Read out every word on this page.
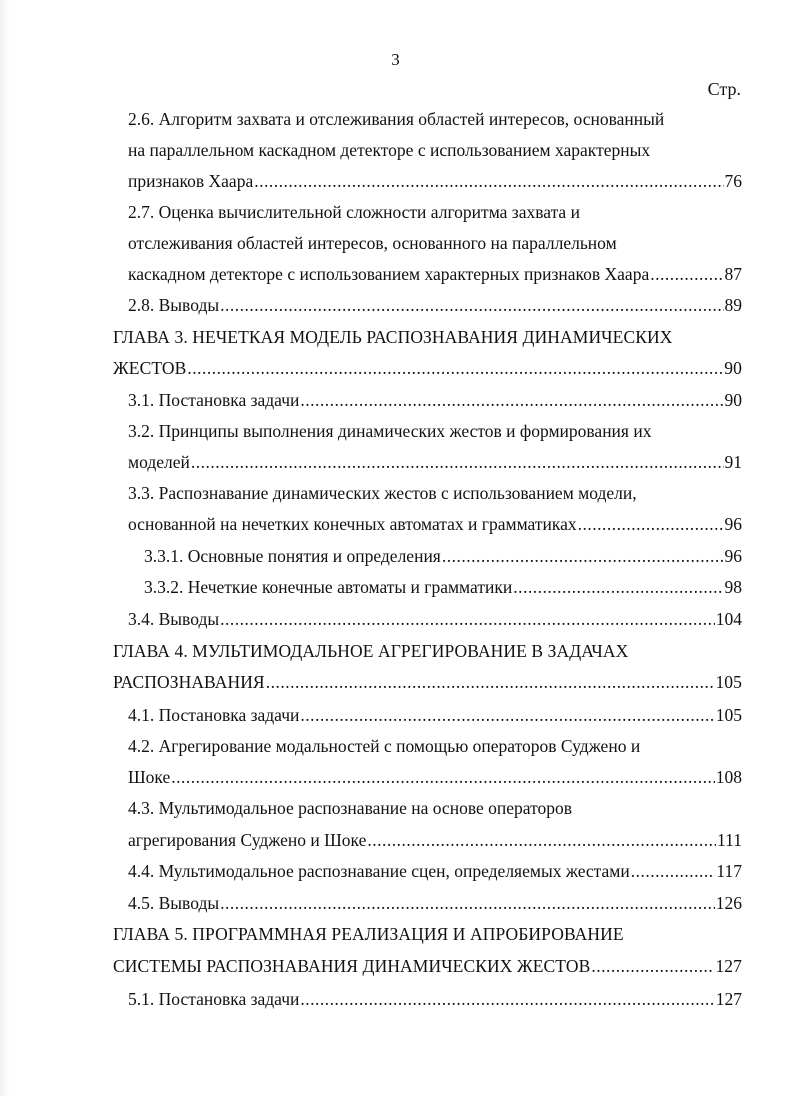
3
Стр.
2.6. Алгоритм захвата и отслеживания областей интересов, основанный
на параллельном каскадном детекторе с использованием характерных
признаков Хаара .....	76
2.7. Оценка вычислительной сложности алгоритма захвата и
отслеживания областей интересов, основанного на параллельном
каскадном детекторе с использованием характерных признаков Хаара .....	87
2.8. Выводы .....	89
ГЛАВА 3. НЕЧЕТКАЯ МОДЕЛЬ РАСПОЗНАВАНИЯ ДИНАМИЧЕСКИХ
ЖЕСТОВ .....	90
3.1. Постановка задачи .....	90
3.2. Принципы выполнения динамических жестов и формирования их
моделей .....	91
3.3. Распознавание динамических жестов с использованием модели,
основанной на нечетких конечных автоматах и грамматиках .....	96
3.3.1. Основные понятия и определения .....	96
3.3.2. Нечеткие конечные автоматы и грамматики .....	98
3.4. Выводы .....	104
ГЛАВА 4. МУЛЬТИМОДАЛЬНОЕ АГРЕГИРОВАНИЕ В ЗАДАЧАХ
РАСПОЗНАВАНИЯ .....	105
4.1. Постановка задачи .....	105
4.2. Агрегирование модальностей с помощью операторов Суджено и
Шоке .....	108
4.3. Мультимодальное распознавание на основе операторов
агрегирования Суджено и Шоке .....	111
4.4. Мультимодальное распознавание сцен, определяемых жестами .....	117
4.5. Выводы .....	126
ГЛАВА 5. ПРОГРАММНАЯ РЕАЛИЗАЦИЯ И АПРОБИРОВАНИЕ
СИСТЕМЫ РАСПОЗНАВАНИЯ ДИНАМИЧЕСКИХ ЖЕСТОВ .....	127
5.1. Постановка задачи .....	127
